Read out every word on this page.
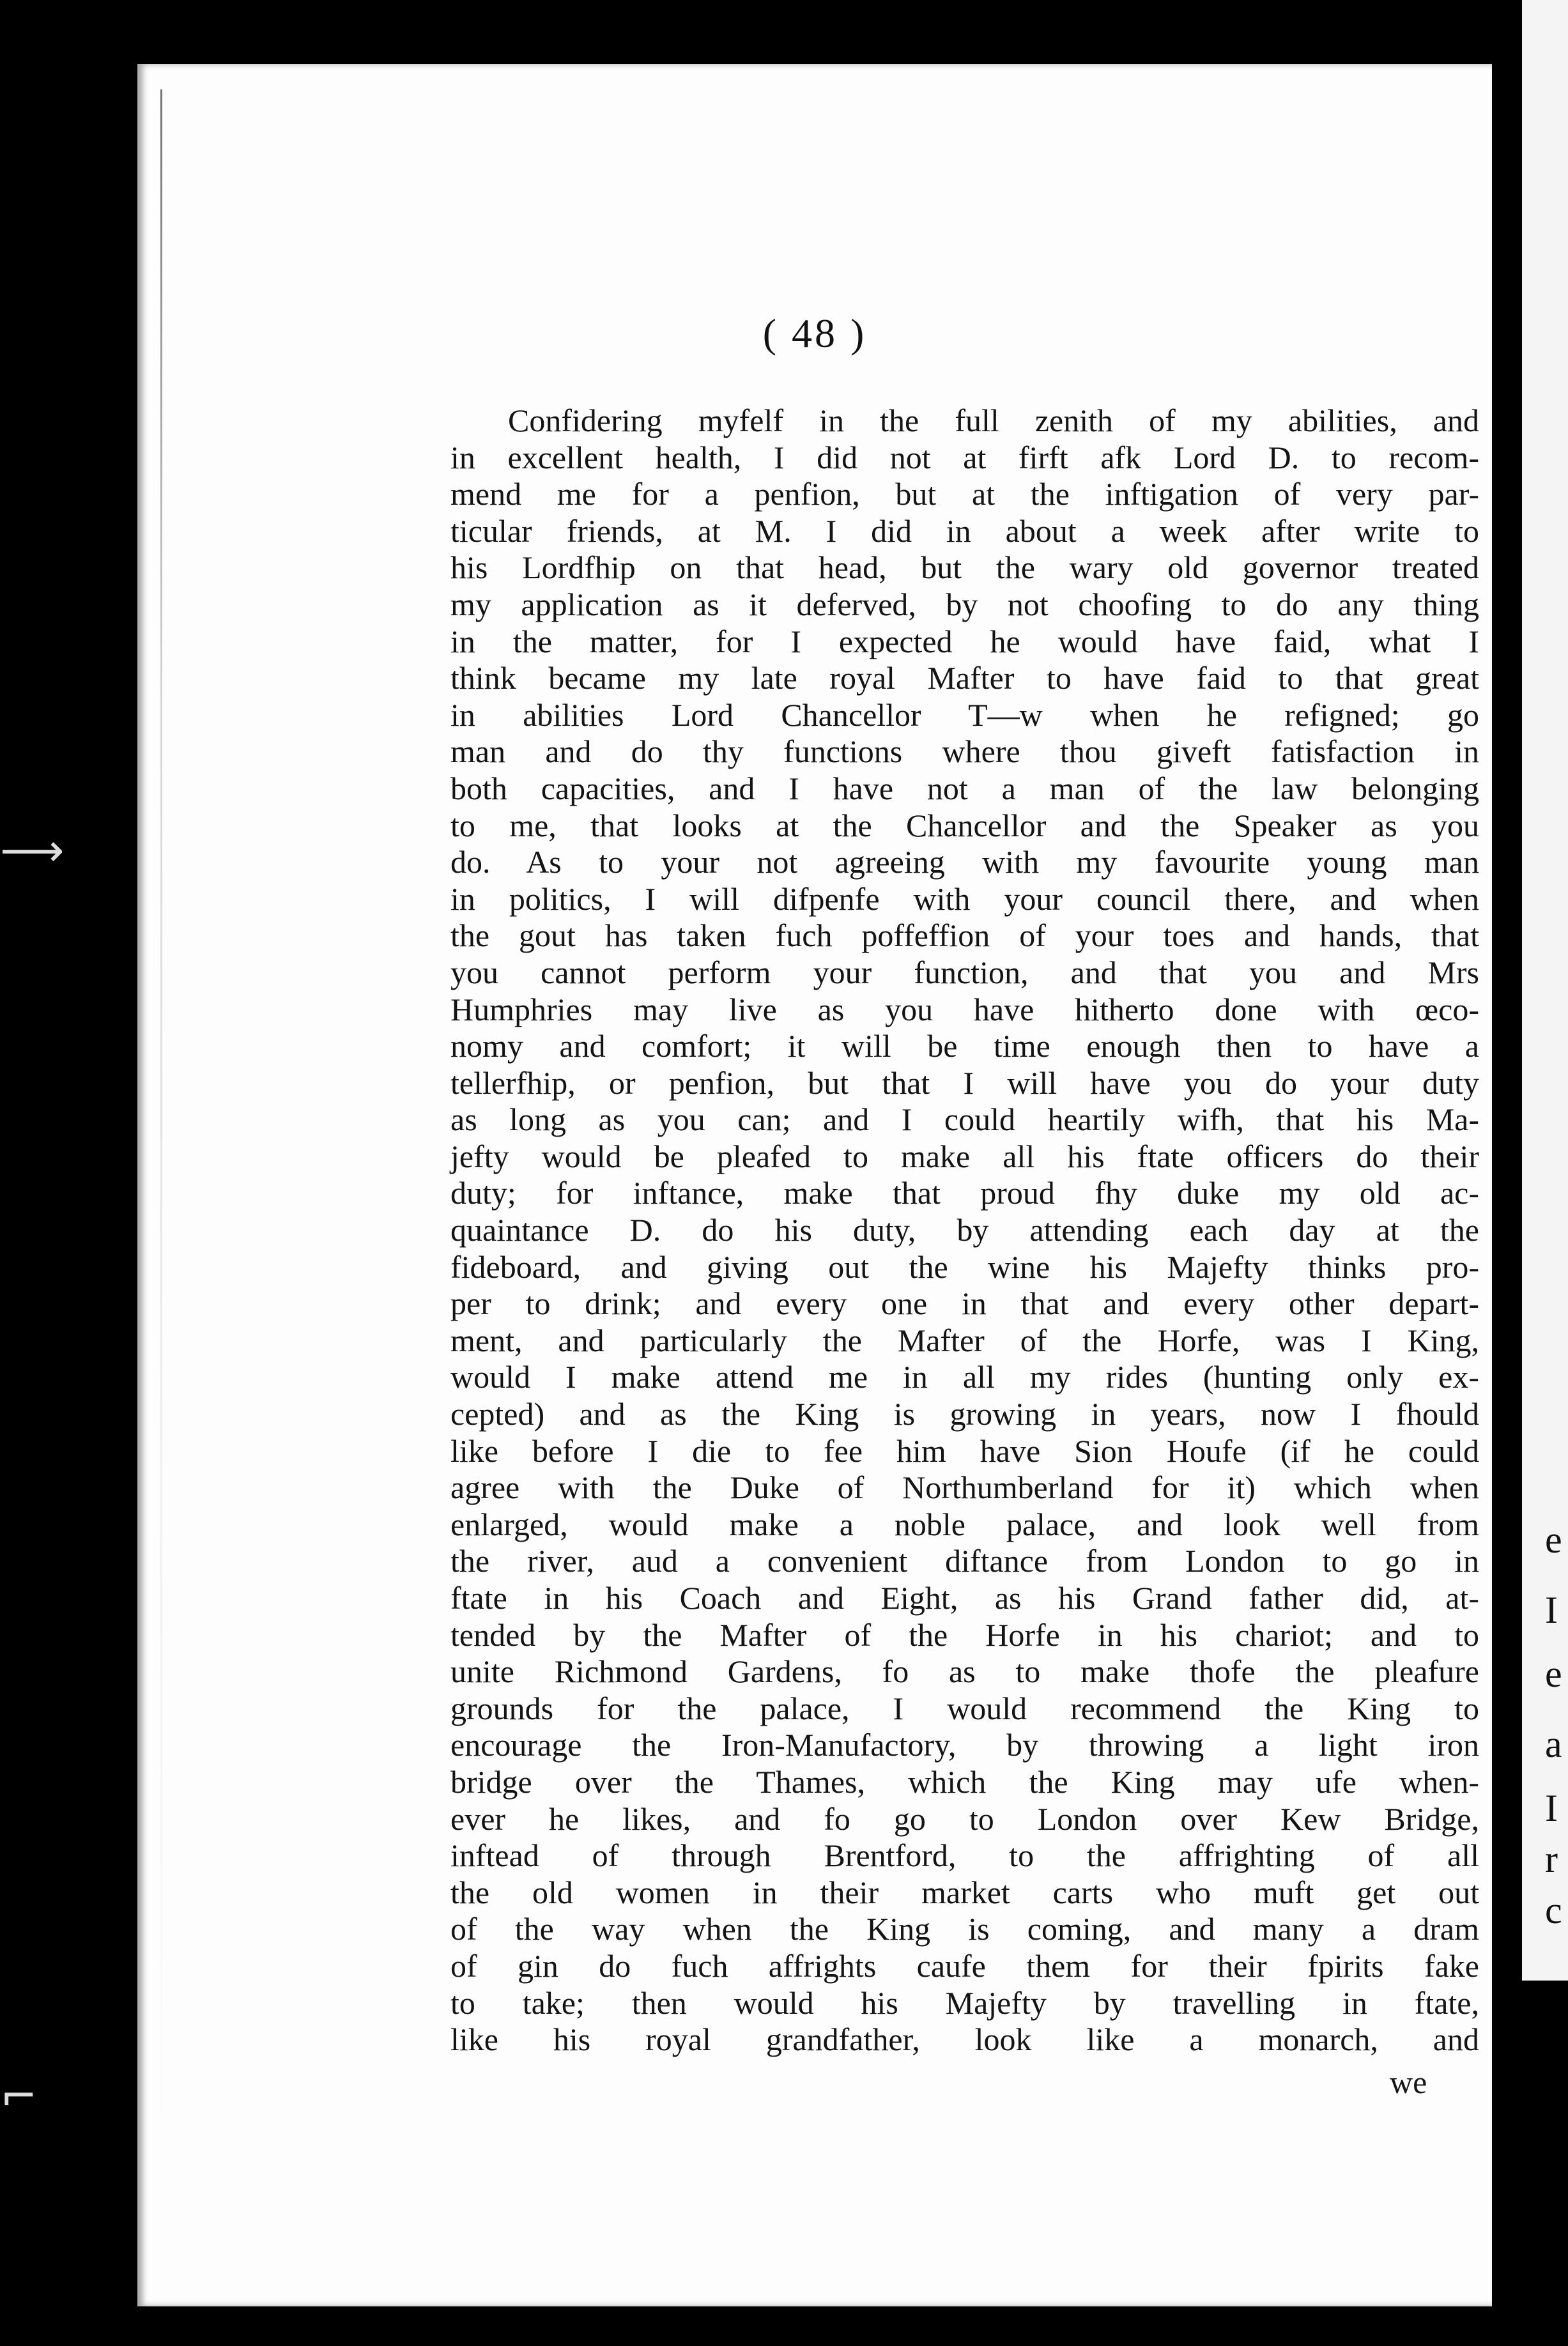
e
I
e
a
I
r
c
⟶
⌐
( 48 )
Confidering myfelf in the full zenith of my abilities, and
in excellent health, I did not at firft afk Lord D. to recom-
mend me for a penfion, but at the inftigation of very par-
ticular friends, at M. I did in about a week after write to
his Lordfhip on that head, but the wary old governor treated
my application as it deferved, by not choofing to do any thing
in the matter, for I expected he would have faid, what I
think became my late royal Mafter to have faid to that great
in abilities Lord Chancellor T—w when he refigned; go
man and do thy functions where thou giveft fatisfaction in
both capacities, and I have not a man of the law belonging
to me, that looks at the Chancellor and the Speaker as you
do. As to your not agreeing with my favourite young man
in politics, I will difpenfe with your council there, and when
the gout has taken fuch poffeffion of your toes and hands, that
you cannot perform your function, and that you and Mrs
Humphries may live as you have hitherto done with œco-
nomy and comfort; it will be time enough then to have a
tellerfhip, or penfion, but that I will have you do your duty
as long as you can; and I could heartily wifh, that his Ma-
jefty would be pleafed to make all his ftate officers do their
duty; for inftance, make that proud fhy duke my old ac-
quaintance D. do his duty, by attending each day at the
fideboard, and giving out the wine his Majefty thinks pro-
per to drink; and every one in that and every other depart-
ment, and particularly the Mafter of the Horfe, was I King,
would I make attend me in all my rides (hunting only ex-
cepted) and as the King is growing in years, now I fhould
like before I die to fee him have Sion Houfe (if he could
agree with the Duke of Northumberland for it) which when
enlarged, would make a noble palace, and look well from
the river, aud a convenient diftance from London to go in
ftate in his Coach and Eight, as his Grand father did, at-
tended by the Mafter of the Horfe in his chariot; and to
unite Richmond Gardens, fo as to make thofe the pleafure
grounds for the palace, I would recommend the King to
encourage the Iron-Manufactory, by throwing a light iron
bridge over the Thames, which the King may ufe when-
ever he likes, and fo go to London over Kew Bridge,
inftead of through Brentford, to the affrighting of all
the old women in their market carts who muft get out
of the way when the King is coming, and many a dram
of gin do fuch affrights caufe them for their fpirits fake
to take; then would his Majefty by travelling in ftate,
like his royal grandfather, look like a monarch, and
we
